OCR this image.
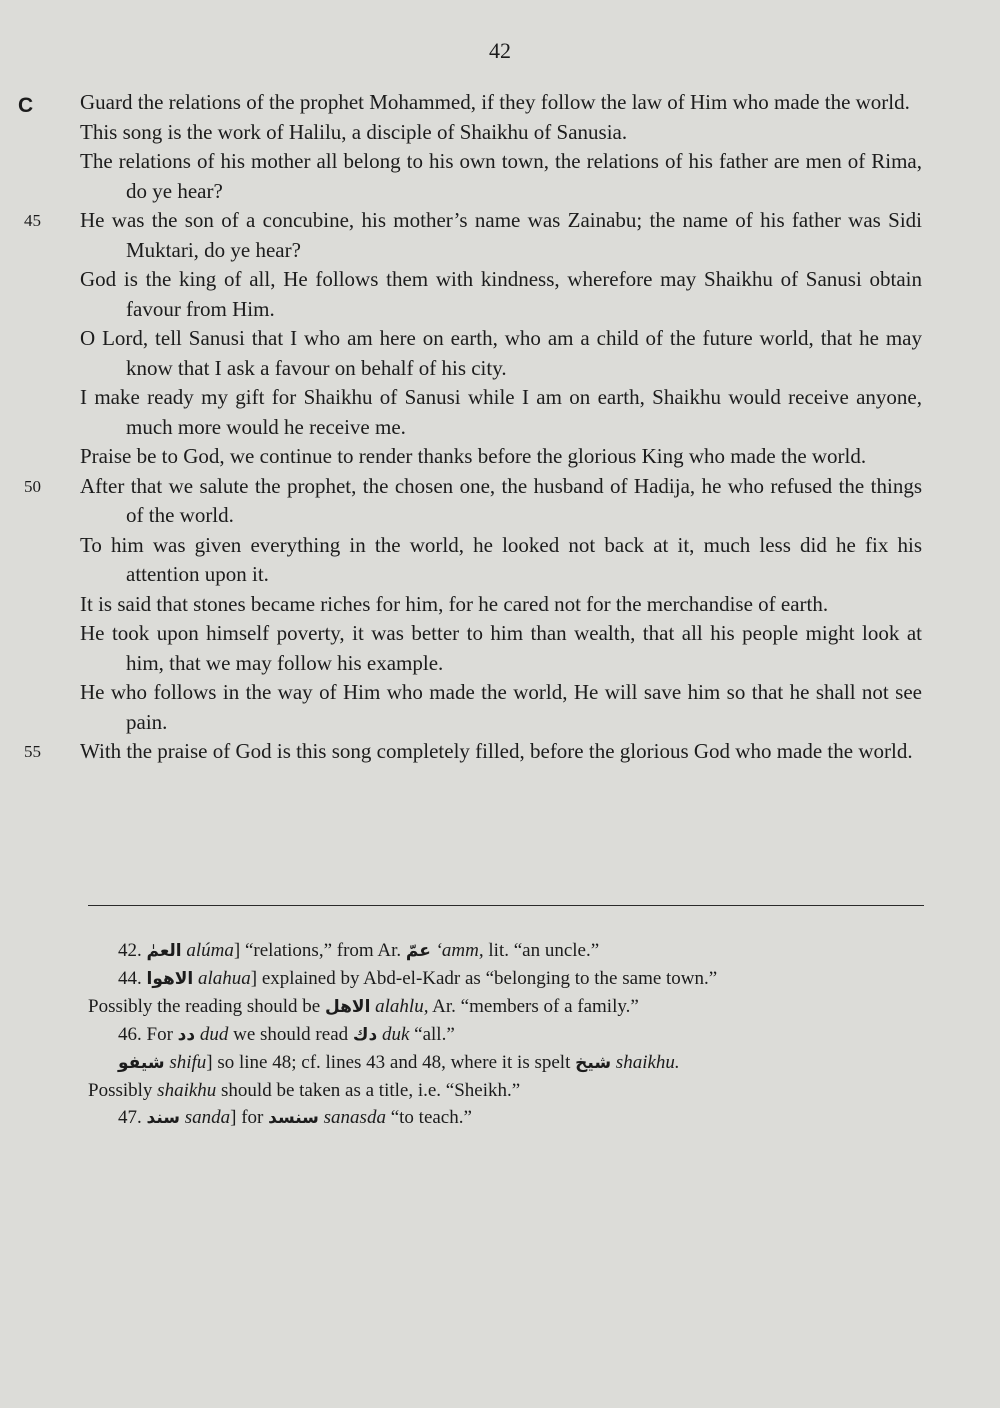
42
C Guard the relations of the prophet Mohammed, if they follow the law of Him who made the world.

This song is the work of Halilu, a disciple of Shaikhu of Sanusia.

The relations of his mother all belong to his own town, the relations of his father are men of Rima, do ye hear?

45	He was the son of a concubine, his mother’s name was Zainabu; the name of his father was Sidi Muktari, do ye hear?

God is the king of all, He follows them with kindness, wherefore may Shaikhu of Sanusi obtain favour from Him.

O Lord, tell Sanusi that I who am here on earth, who am a child of the future world, that he may know that I ask a favour on behalf of his city.

I make ready my gift for Shaikhu of Sanusi while I am on earth, Shaikhu would receive anyone, much more would he receive me.

Praise be to God, we continue to render thanks before the glorious King who made the world.

50	After that we salute the prophet, the chosen one, the husband of Hadija, he who refused the things of the world.

To him was given everything in the world, he looked not back at it, much less did he fix his attention upon it.

It is said that stones became riches for him, for he cared not for the merchandise of earth.

He took upon himself poverty, it was better to him than wealth, that all his people might look at him, that we may follow his example.

He who follows in the way of Him who made the world, He will save him so that he shall not see pain.

55	With the praise of God is this song completely filled, before the glorious God who made the world.

42. العمٰ alúma] “relations,” from Ar. عمّ ‘amm, lit. “an uncle.”

44. الاهوا alahua] explained by Abd-el-Kadr as “belonging to the same town.”

Possibly the reading should be الاهل alahlu, Ar. “members of a family.”

46. For دد dud we should read دك duk “all.”

شيفو shifu] so line 48; cf. lines 43 and 48, where it is spelt شيخ shaikhu.

Possibly shaikhu should be taken as a title, i.e. “Sheikh.”

47. سند sanda] for سنسد sanasda “to teach.”
